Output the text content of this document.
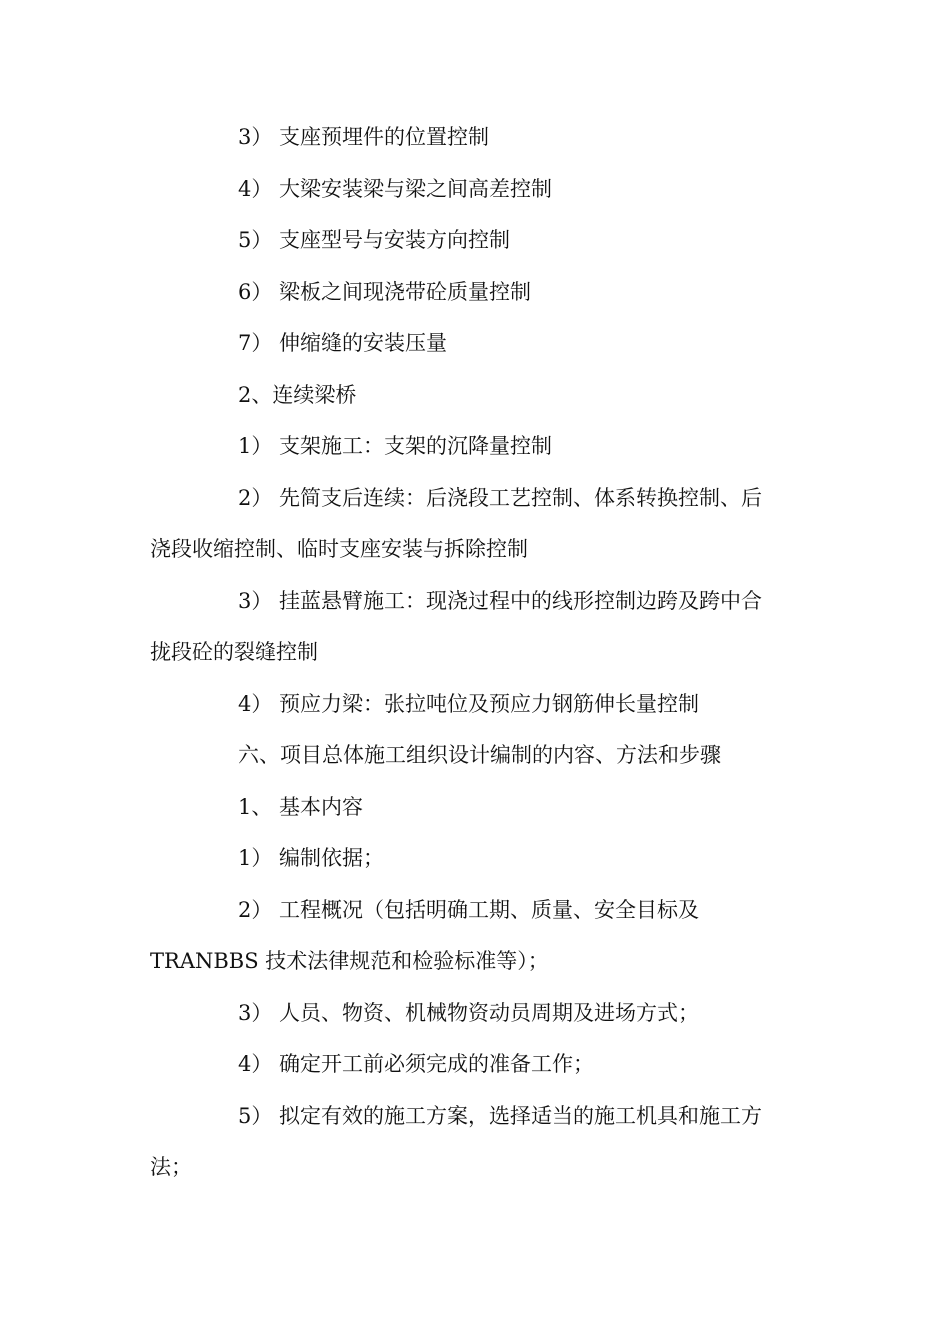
3） 支座预埋件的位置控制

4） 大梁安装梁与梁之间高差控制

5） 支座型号与安装方向控制

6） 梁板之间现浇带砼质量控制

7） 伸缩缝的安装压量

2、连续梁桥

1） 支架施工：支架的沉降量控制

2） 先简支后连续：后浇段工艺控制、体系转换控制、后

浇段收缩控制、临时支座安装与拆除控制

3） 挂蓝悬臂施工：现浇过程中的线形控制边跨及跨中合

拢段砼的裂缝控制

4） 预应力梁：张拉吨位及预应力钢筋伸长量控制

六、项目总体施工组织设计编制的内容、方法和步骤

1、 基本内容

1） 编制依据；

2） 工程概况（包括明确工期、质量、安全目标及

TRANBBS 技术法律规范和检验标准等）；

3） 人员、物资、机械物资动员周期及进场方式；

4） 确定开工前必须完成的准备工作；

5） 拟定有效的施工方案，选择适当的施工机具和施工方

法；
